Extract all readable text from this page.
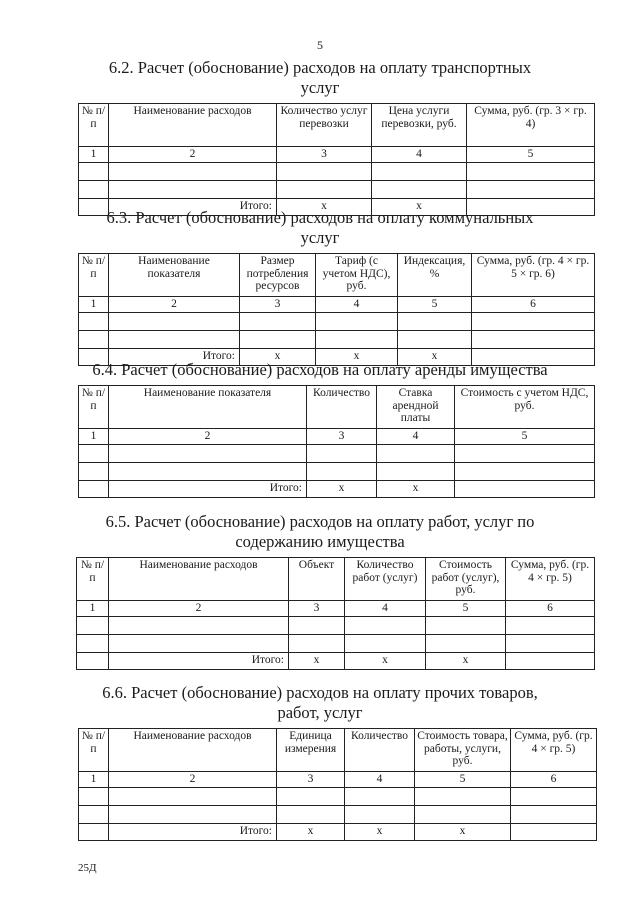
5
6.2. Расчет (обоснование) расходов на оплату транспортных услуг
№ п/п	Наименование расходов	Количество услуг перевозки	Цена услуги перевозки, руб.	Сумма, руб. (гр. 3 × гр. 4)
1	2	3	4	5

	Итого:	х	х	
6.3. Расчет (обоснование) расходов на оплату коммунальных услуг
№ п/п	Наименование показателя	Размер потребления ресурсов	Тариф (с учетом НДС), руб.	Индексация, %	Сумма, руб. (гр. 4 × гр. 5 × гр. 6)
1	2	3	4	5	6

	Итого:	х	х	х	
6.4. Расчет (обоснование) расходов на оплату аренды имущества
№ п/п	Наименование показателя	Количество	Ставка арендной платы	Стоимость с учетом НДС, руб.
1	2	3	4	5

	Итого:	х	х	
6.5. Расчет (обоснование) расходов на оплату работ, услуг по содержанию имущества
№ п/п	Наименование расходов	Объект	Количество работ (услуг)	Стоимость работ (услуг), руб.	Сумма, руб. (гр. 4 × гр. 5)
1	2	3	4	5	6

	Итого:	х	х	х	
6.6. Расчет (обоснование) расходов на оплату прочих товаров, работ, услуг
№ п/п	Наименование расходов	Единица измерения	Количество	Стоимость товара, работы, услуги, руб.	Сумма, руб. (гр. 4 × гр. 5)
1	2	3	4	5	6

	Итого:	х	х	х	
25Д
